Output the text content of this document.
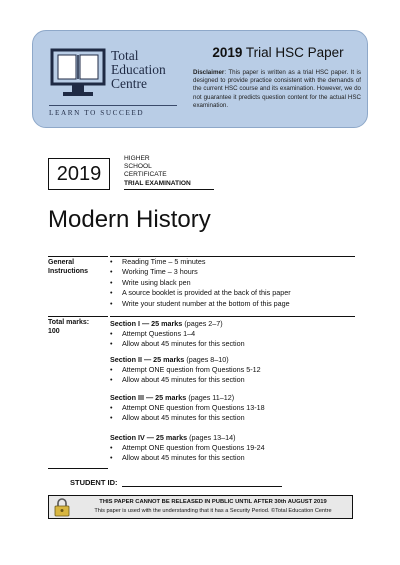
Total
Education
Centre
LEARN TO SUCCEED
2019 Trial HSC Paper
Disclaimer: This paper is written as a trial HSC paper. It is designed to provide practice consistent with the demands of the current HSC course and its examination. However, we do not guarantee it predicts question content for the actual HSC examination.
2019
HIGHER
SCHOOL
CERTIFICATE
TRIAL EXAMINATION
Modern History
General
Instructions
• Reading Time – 5 minutes
• Working Time – 3 hours
• Write using black pen
• A source booklet is provided at the back of this paper
• Write your student number at the bottom of this page
Total marks:
100
Section I — 25 marks (pages 2–7)
• Attempt Questions 1–4
• Allow about 45 minutes for this section
Section II — 25 marks (pages 8–10)
• Attempt ONE question from Questions 5-12
• Allow about 45 minutes for this section
Section III — 25 marks (pages 11–12)
• Attempt ONE question from Questions 13-18
• Allow about 45 minutes for this section
Section IV — 25 marks (pages 13–14)
• Attempt ONE question from Questions 19-24
• Allow about 45 minutes for this section
STUDENT ID:
THIS PAPER CANNOT BE RELEASED IN PUBLIC UNTIL AFTER 30th AUGUST 2019
This paper is used with the understanding that it has a Security Period. ©Total Education Centre
